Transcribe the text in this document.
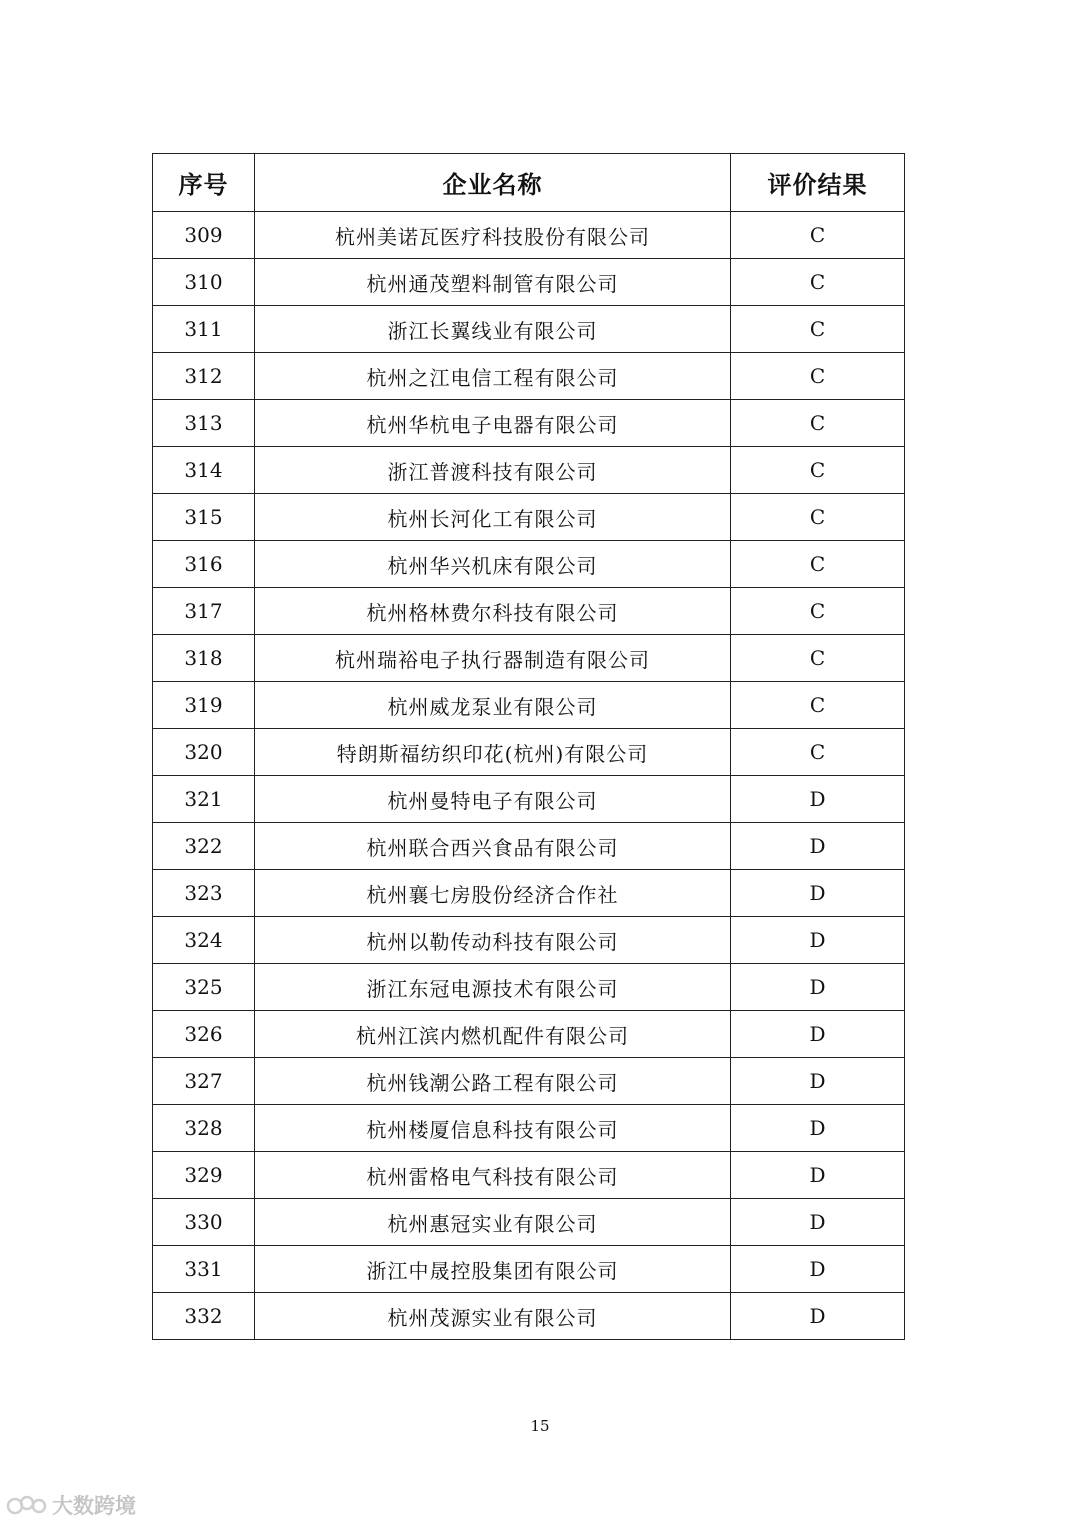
序号	企业名称	评价结果
309	杭州美诺瓦医疗科技股份有限公司	C
310	杭州通茂塑料制管有限公司	C
311	浙江长翼线业有限公司	C
312	杭州之江电信工程有限公司	C
313	杭州华杭电子电器有限公司	C
314	浙江普渡科技有限公司	C
315	杭州长河化工有限公司	C
316	杭州华兴机床有限公司	C
317	杭州格林费尔科技有限公司	C
318	杭州瑞裕电子执行器制造有限公司	C
319	杭州威龙泵业有限公司	C
320	特朗斯福纺织印花(杭州)有限公司	C
321	杭州曼特电子有限公司	D
322	杭州联合西兴食品有限公司	D
323	杭州襄七房股份经济合作社	D
324	杭州以勒传动科技有限公司	D
325	浙江东冠电源技术有限公司	D
326	杭州江滨内燃机配件有限公司	D
327	杭州钱潮公路工程有限公司	D
328	杭州楼厦信息科技有限公司	D
329	杭州雷格电气科技有限公司	D
330	杭州惠冠实业有限公司	D
331	浙江中晟控股集团有限公司	D
332	杭州茂源实业有限公司	D
15
大数跨境
